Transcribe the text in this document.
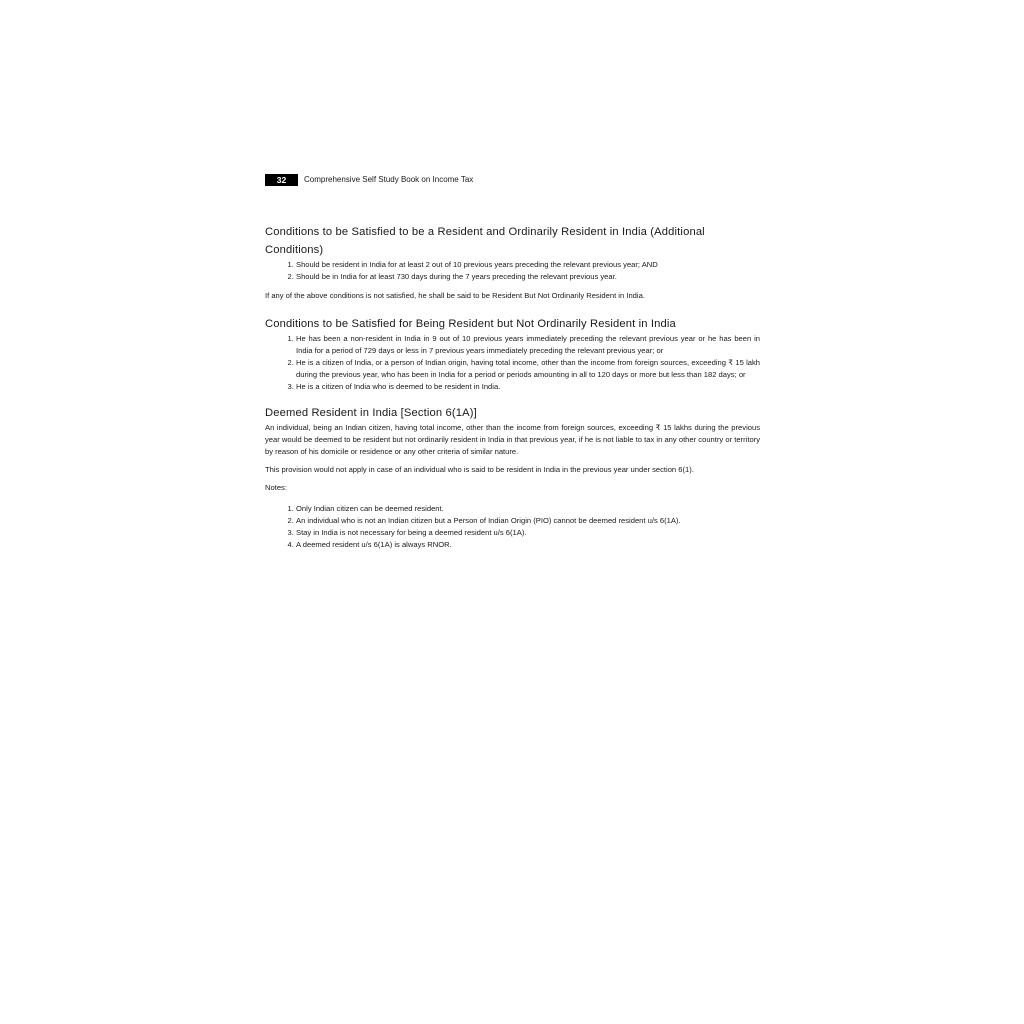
32	Comprehensive Self Study Book on Income Tax
Conditions to be Satisfied to be a Resident and Ordinarily Resident in India (Additional Conditions)
1. Should be resident in India for at least 2 out of 10 previous years preceding the relevant previous year; AND
2. Should be in India for at least 730 days during the 7 years preceding the relevant previous year.

If any of the above conditions is not satisfied, he shall be said to be Resident But Not Ordinarily Resident in India.

Conditions to be Satisfied for Being Resident but Not Ordinarily Resident in India
1. He has been a non-resident in India in 9 out of 10 previous years immediately preceding the relevant previous year or he has been in India for a period of 729 days or less in 7 previous years immediately preceding the relevant previous year; or
2. He is a citizen of India, or a person of Indian origin, having total income, other than the income from foreign sources, exceeding ₹ 15 lakh during the previous year, who has been in India for a period or periods amounting in all to 120 days or more but less than 182 days; or
3. He is a citizen of India who is deemed to be resident in India.
Deemed Resident in India [Section 6(1A)]

An individual, being an Indian citizen, having total income, other than the income from foreign sources, exceeding ₹ 15 lakhs during the previous year would be deemed to be resident but not ordinarily resident in India in that previous year, if he is not liable to tax in any other country or territory by reason of his domicile or residence or any other criteria of similar nature.

This provision would not apply in case of an individual who is said to be resident in India in the previous year under section 6(1).

Notes:

1. Only Indian citizen can be deemed resident.
2. An individual who is not an Indian citizen but a Person of Indian Origin (PIO) cannot be deemed resident u/s 6(1A).
3. Stay in India is not necessary for being a deemed resident u/s 6(1A).
4. A deemed resident u/s 6(1A) is always RNOR.
